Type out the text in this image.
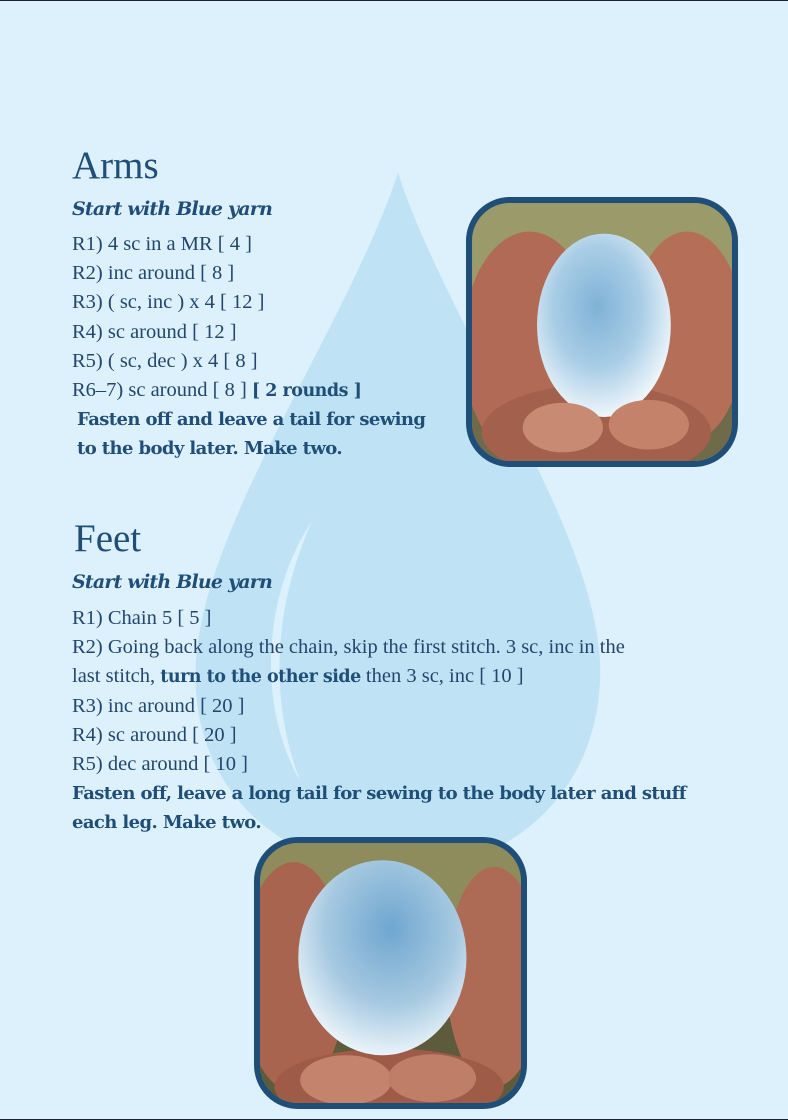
Arms
Start with Blue yarn
R1) 4 sc in a MR [ 4 ]
R2) inc around [ 8 ]
R3) ( sc, inc ) x 4 [ 12 ]
R4) sc around [ 12 ]
R5) ( sc, dec ) x 4 [ 8 ]
R6–7) sc around [ 8 ] [ 2 rounds ]
Fasten off and leave a tail for sewing
to the body later. Make two.
Feet
Start with Blue yarn
R1) Chain 5 [ 5 ]
R2) Going back along the chain, skip the first stitch. 3 sc, inc in the
last stitch, turn to the other side then 3 sc, inc [ 10 ]
R3) inc around [ 20 ]
R4) sc around [ 20 ]
R5) dec around [ 10 ]
Fasten off, leave a long tail for sewing to the body later and stuff
each leg. Make two.
